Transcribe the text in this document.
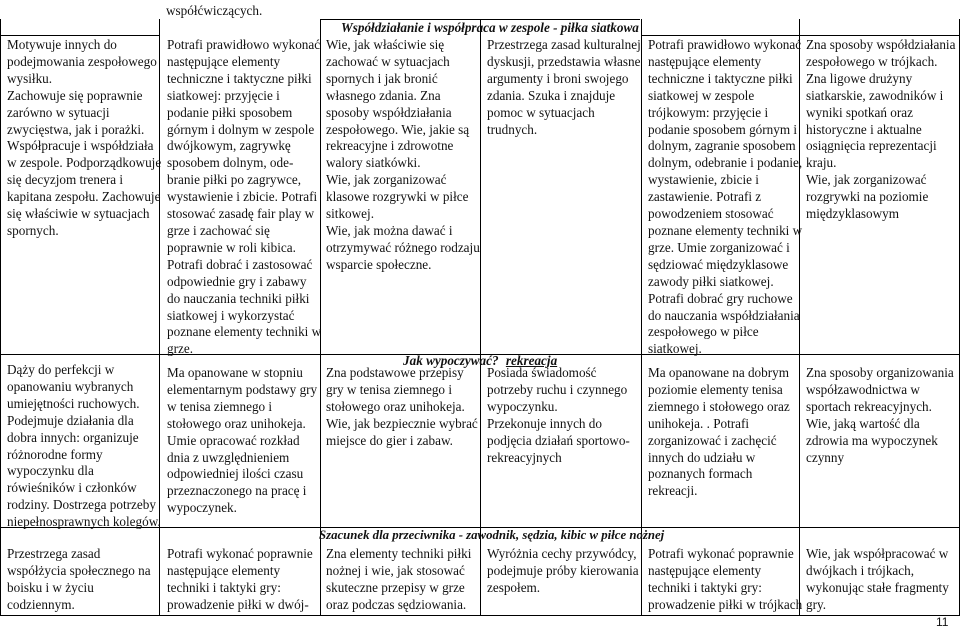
współćwiczących.
Współdziałanie i współpraca w zespole - piłka siatkowa
Jak wypoczywać? rekreacja
Szacunek dla przeciwnika - zawodnik, sędzia, kibic w piłce nożnej
Motywuje innych do
podejmowania zespołowego
wysiłku.
Zachowuje się poprawnie
zarówno w sytuacji
zwycięstwa, jak i porażki.
Współpracuje i współdziała
w zespole. Podporządkowuje
się decyzjom trenera i
kapitana zespołu. Zachowuje
się właściwie w sytuacjach
spornych.
Dąży do perfekcji w
opanowaniu wybranych
umiejętności ruchowych.
Podejmuje działania dla
dobra innych: organizuje
różnorodne formy
wypoczynku dla
rówieśników i członków
rodziny. Dostrzega potrzeby
niepełnosprawnych kolegów.
Przestrzega zasad
współżycia społecznego na
boisku i w życiu
codziennym.
Potrafi prawidłowo wykonać
następujące elementy
techniczne i taktyczne piłki
siatkowej: przyjęcie i
podanie piłki sposobem
górnym i dolnym w zespole
dwójkowym, zagrywkę
sposobem dolnym, ode-
branie piłki po zagrywce,
wystawienie i zbicie. Potrafi
stosować zasadę fair play w
grze i zachować się
poprawnie w roli kibica.
Potrafi dobrać i zastosować
odpowiednie gry i zabawy
do nauczania techniki piłki
siatkowej i wykorzystać
poznane elementy techniki w
grze.
Ma opanowane w stopniu
elementarnym podstawy gry
w tenisa ziemnego i
stołowego oraz unihokeja.
Umie opracować rozkład
dnia z uwzględnieniem
odpowiedniej ilości czasu
przeznaczonego na pracę i
wypoczynek.
Potrafi wykonać poprawnie
następujące elementy
techniki i taktyki gry:
prowadzenie piłki w dwój-
Wie, jak właściwie się
zachować w sytuacjach
spornych i jak bronić
własnego zdania. Zna
sposoby współdziałania
zespołowego. Wie, jakie są
rekreacyjne i zdrowotne
walory siatkówki.
Wie, jak zorganizować
klasowe rozgrywki w piłce
sitkowej.
Wie, jak można dawać i
otrzymywać różnego rodzaju
wsparcie społeczne.
Zna podstawowe przepisy
gry w tenisa ziemnego i
stołowego oraz unihokeja.
Wie, jak bezpiecznie wybrać
miejsce do gier i zabaw.
Zna elementy techniki piłki
nożnej i wie, jak stosować
skuteczne przepisy w grze
oraz podczas sędziowania.
Przestrzega zasad kulturalnej
dyskusji, przedstawia własne
argumenty i broni swojego
zdania. Szuka i znajduje
pomoc w sytuacjach
trudnych.
Posiada świadomość
potrzeby ruchu i czynnego
wypoczynku.
Przekonuje innych do
podjęcia działań sportowo-
rekreacyjnych
Wyróżnia cechy przywódcy,
podejmuje próby kierowania
zespołem.
Potrafi prawidłowo wykonać
następujące elementy
techniczne i taktyczne piłki
siatkowej w zespole
trójkowym: przyjęcie i
podanie sposobem górnym i
dolnym, zagranie sposobem
dolnym, odebranie i podanie,
wystawienie, zbicie i
zastawienie. Potrafi z
powodzeniem stosować
poznane elementy techniki w
grze. Umie zorganizować i
sędziować międzyklasowe
zawody piłki siatkowej.
Potrafi dobrać gry ruchowe
do nauczania współdziałania
zespołowego w piłce
siatkowej.
Ma opanowane na dobrym
poziomie elementy tenisa
ziemnego i stołowego oraz
unihokeja. . Potrafi
zorganizować i zachęcić
innych do udziału w
poznanych formach
rekreacji.
Potrafi wykonać poprawnie
następujące elementy
techniki i taktyki gry:
prowadzenie piłki w trójkach
Zna sposoby współdziałania
zespołowego w trójkach.
Zna ligowe drużyny
siatkarskie, zawodników i
wyniki spotkań oraz
historyczne i aktualne
osiągnięcia reprezentacji
kraju.
Wie, jak zorganizować
rozgrywki na poziomie
międzyklasowym
Zna sposoby organizowania
współzawodnictwa w
sportach rekreacyjnych.
Wie, jaką wartość dla
zdrowia ma wypoczynek
czynny
Wie, jak współpracować w
dwójkach i trójkach,
wykonując stałe fragmenty
gry.
11
